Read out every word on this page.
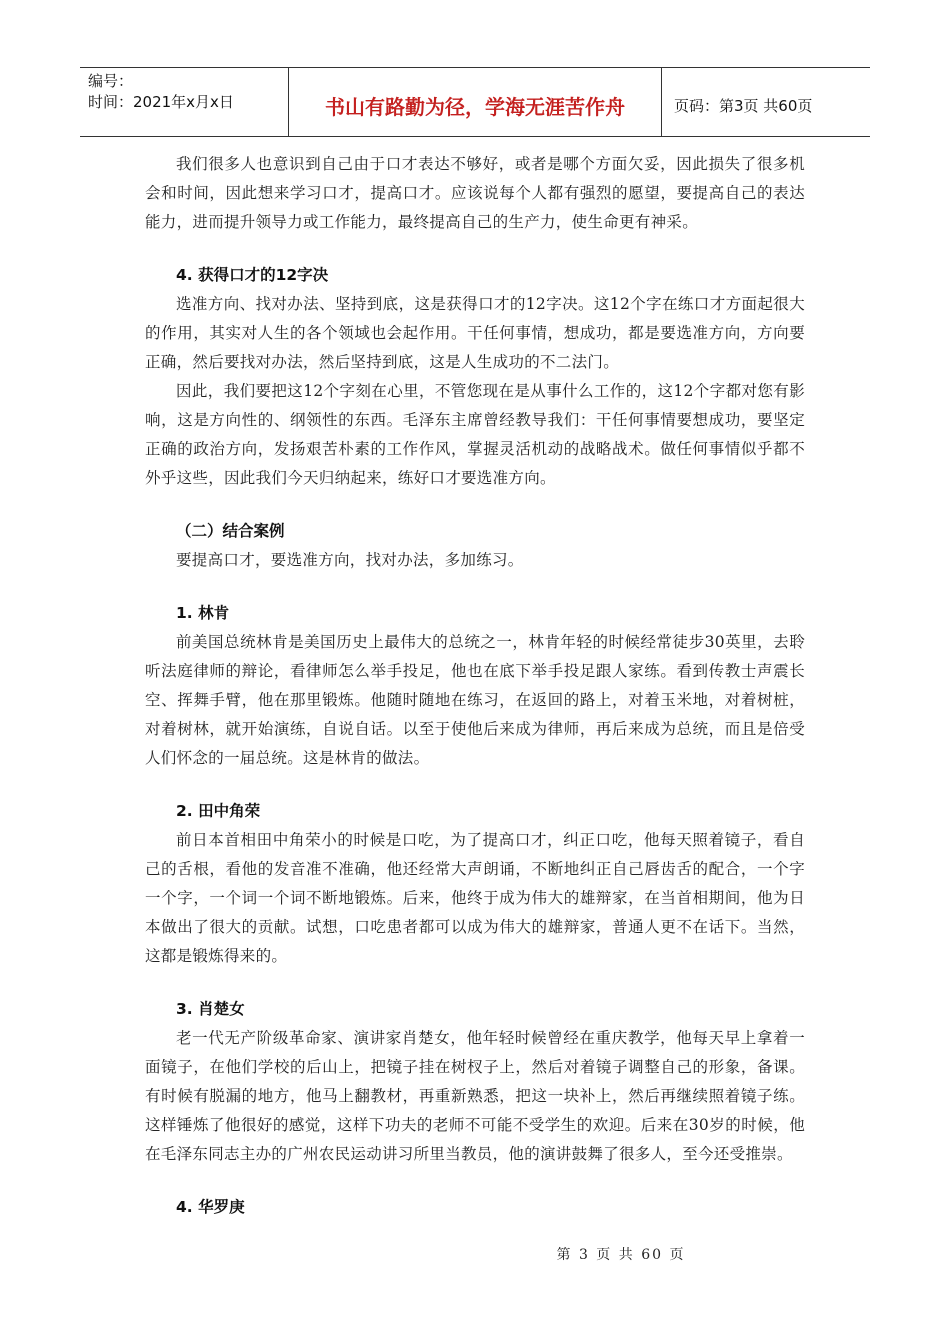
编号：
时间：2021年x月x日	书山有路勤为径，学海无涯苦作舟	页码：第3页 共60页

我们很多人也意识到自己由于口才表达不够好，或者是哪个方面欠妥，因此损失了很多机会和时间，因此想来学习口才，提高口才。应该说每个人都有强烈的愿望，要提高自己的表达能力，进而提升领导力或工作能力，最终提高自己的生产力，使生命更有神采。

4. 获得口才的12字决

选准方向、找对办法、坚持到底，这是获得口才的12字决。这12个字在练口才方面起很大的作用，其实对人生的各个领域也会起作用。干任何事情，想成功，都是要选准方向，方向要正确，然后要找对办法，然后坚持到底，这是人生成功的不二法门。

因此，我们要把这12个字刻在心里，不管您现在是从事什么工作的，这12个字都对您有影响，这是方向性的、纲领性的东西。毛泽东主席曾经教导我们：干任何事情要想成功，要坚定正确的政治方向，发扬艰苦朴素的工作作风，掌握灵活机动的战略战术。做任何事情似乎都不外乎这些，因此我们今天归纳起来，练好口才要选准方向。

（二）结合案例

要提高口才，要选准方向，找对办法，多加练习。

1. 林肯

前美国总统林肯是美国历史上最伟大的总统之一，林肯年轻的时候经常徒步30英里，去聆听法庭律师的辩论，看律师怎么举手投足，他也在底下举手投足跟人家练。看到传教士声震长空、挥舞手臂，他在那里锻炼。他随时随地在练习，在返回的路上，对着玉米地，对着树桩，对着树林，就开始演练，自说自话。以至于使他后来成为律师，再后来成为总统，而且是倍受人们怀念的一届总统。这是林肯的做法。

2. 田中角荣

前日本首相田中角荣小的时候是口吃，为了提高口才，纠正口吃，他每天照着镜子，看自己的舌根，看他的发音准不准确，他还经常大声朗诵，不断地纠正自己唇齿舌的配合，一个字一个字，一个词一个词不断地锻炼。后来，他终于成为伟大的雄辩家，在当首相期间，他为日本做出了很大的贡献。试想，口吃患者都可以成为伟大的雄辩家，普通人更不在话下。当然，这都是锻炼得来的。

3. 肖楚女

老一代无产阶级革命家、演讲家肖楚女，他年轻时候曾经在重庆教学，他每天早上拿着一面镜子，在他们学校的后山上，把镜子挂在树杈子上，然后对着镜子调整自己的形象，备课。有时候有脱漏的地方，他马上翻教材，再重新熟悉，把这一块补上，然后再继续照着镜子练。这样锤炼了他很好的感觉，这样下功夫的老师不可能不受学生的欢迎。后来在30岁的时候，他在毛泽东同志主办的广州农民运动讲习所里当教员，他的演讲鼓舞了很多人，至今还受推崇。

4. 华罗庚
第 3 页 共 60 页
